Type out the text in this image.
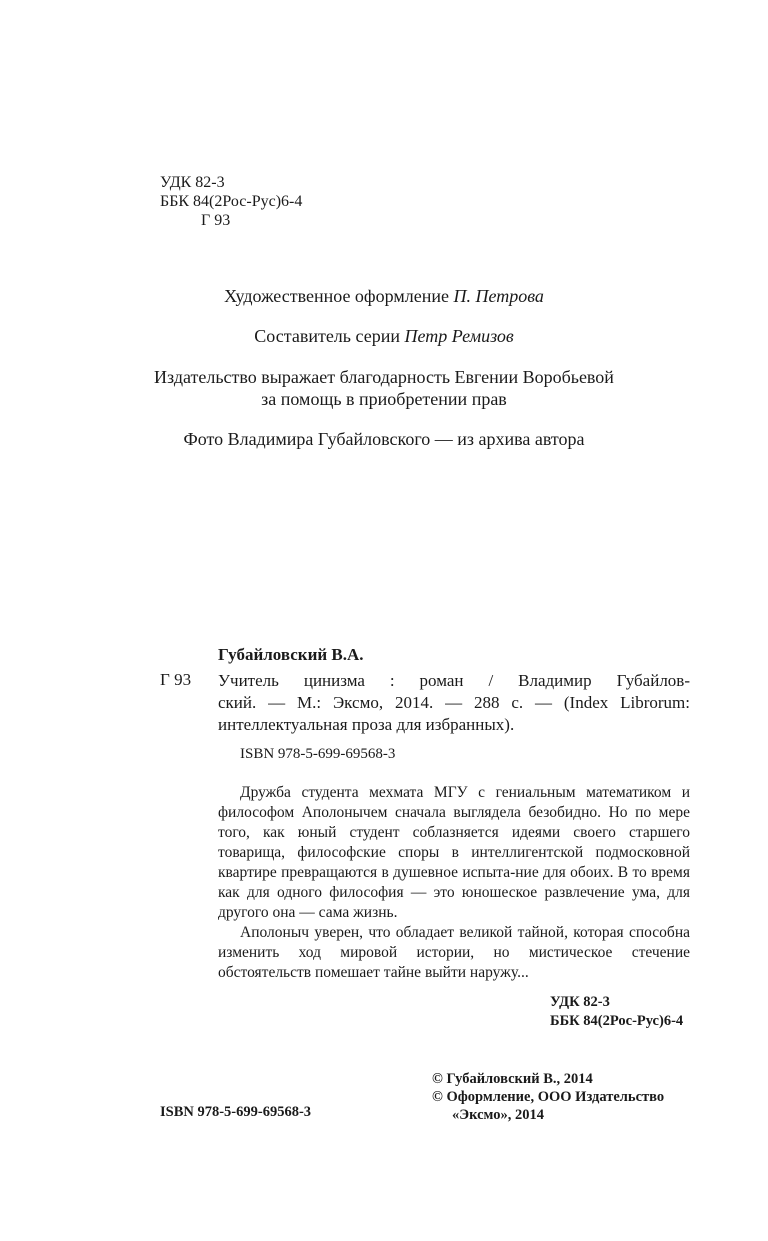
УДК 82-3
ББК 84(2Рос-Рус)6-4
Г 93
Художественное оформление П. Петрова
Составитель серии Петр Ремизов
Издательство выражает благодарность Евгении Воробьевой
за помощь в приобретении прав
Фото Владимира Губайловского — из архива автора
Губайловский В.А.
Г 93 Учитель цинизма : роман / Владимир Губайлов-
ский. — М.: Эксмо, 2014. — 288 с. — (Index Librorum:
интеллектуальная проза для избранных).
ISBN 978-5-699-69568-3

Дружба студента мехмата МГУ с гениальным математиком и философом Аполонычем сначала выглядела безобидно. Но по мере того, как юный студент соблазняется идеями своего старшего товарища, философские споры в интеллигентской подмосковной квартире превращаются в душевное испыта-ние для обоих. В то время как для одного философия — это юношеское развлечение ума, для другого она — сама жизнь.

Аполоныч уверен, что обладает великой тайной, которая способна изменить ход мировой истории, но мистическое стечение обстоятельств помешает тайне выйти наружу...

УДК 82-3
ББК 84(2Рос-Рус)6-4
© Губайловский В., 2014
© Оформление, ООО Издательство
«Эксмо», 2014
ISBN 978-5-699-69568-3
